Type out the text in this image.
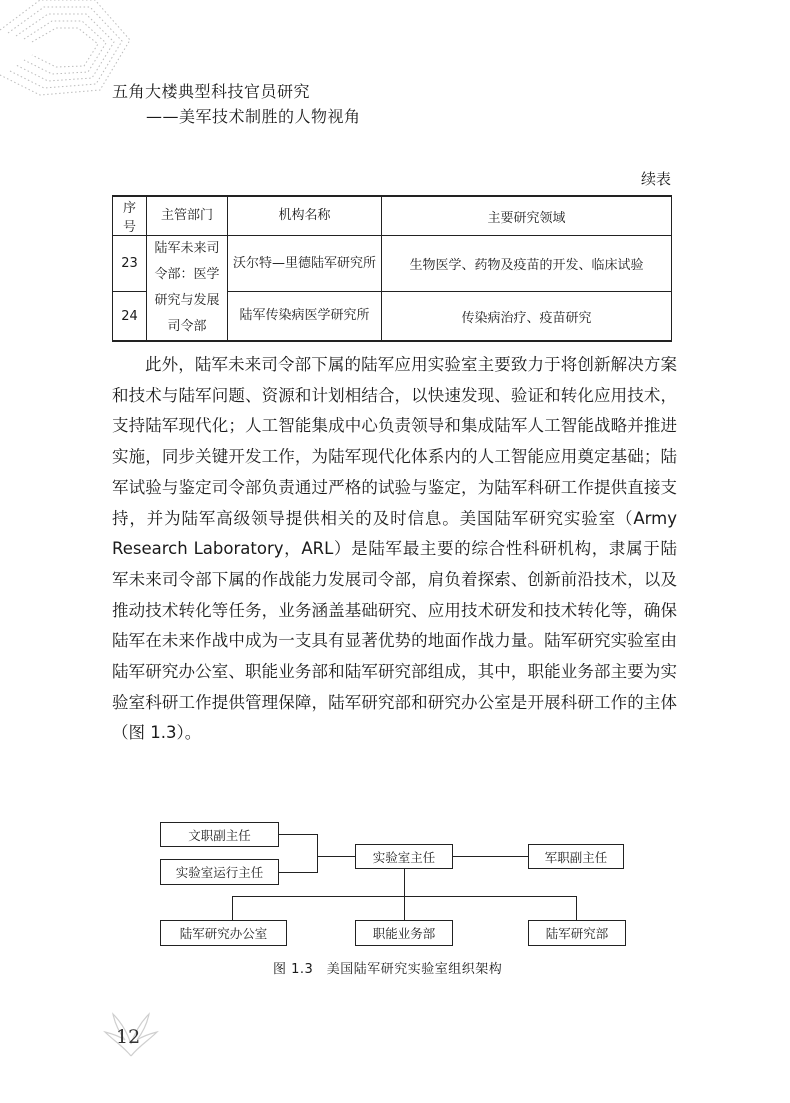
五角大楼典型科技官员研究
——美军技术制胜的人物视角
续表
序号	主管部门	机构名称	主要研究领域
23	陆军未来司令部：医学研究与发展司令部	沃尔特—里德陆军研究所	生物医学、药物及疫苗的开发、临床试验
24		陆军传染病医学研究所	传染病治疗、疫苗研究

此外，陆军未来司令部下属的陆军应用实验室主要致力于将创新解决方案和技术与陆军问题、资源和计划相结合，以快速发现、验证和转化应用技术，支持陆军现代化；人工智能集成中心负责领导和集成陆军人工智能战略并推进实施，同步关键开发工作，为陆军现代化体系内的人工智能应用奠定基础；陆军试验与鉴定司令部负责通过严格的试验与鉴定，为陆军科研工作提供直接支持，并为陆军高级领导提供相关的及时信息。美国陆军研究实验室（Army Research Laboratory，ARL）是陆军最主要的综合性科研机构，隶属于陆军未来司令部下属的作战能力发展司令部，肩负着探索、创新前沿技术，以及推动技术转化等任务，业务涵盖基础研究、应用技术研发和技术转化等，确保陆军在未来作战中成为一支具有显著优势的地面作战力量。陆军研究实验室由陆军研究办公室、职能业务部和陆军研究部组成，其中，职能业务部主要为实验室科研工作提供管理保障，陆军研究部和研究办公室是开展科研工作的主体（图 1.3）。

文职副主任
实验室运行主任
实验室主任	军职副主任
陆军研究办公室	职能业务部	陆军研究部
图 1.3　美国陆军研究实验室组织架构
12
